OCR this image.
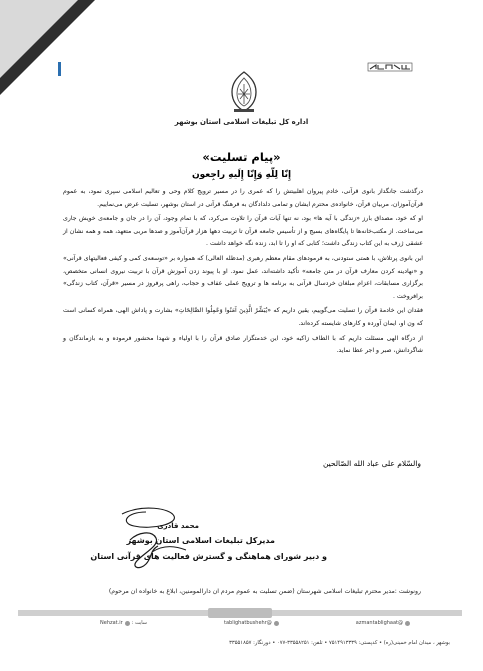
اداره کل تبلیغات اسلامی استان بوشهر
«پیام تسلیت»
إِنّا لِلّهِ وَإِنّا إِلَیهِ راجِعون

درگذشت جانگداز بانوی قرآنی، خادم پیروان اهلبیتش را که عمری را در مسیر ترویج کلام وحی و تعالیم اسلامی سپری نمود، به عموم قرآن‌آموزان، مربیان قرآن، خانواده‌ی محترم ایشان و تمامی دلدادگان به فرهنگ قرآنی در استان بوشهر، تسلیت عرض می‌نماییم.

او که خود، مصداق بارز «زندگی با آیه ها» بود، نه تنها آیات قرآن را تلاوت می‌کرد، که با تمام وجود، آن را در جان و جامعه‌ی خویش جاری می‌ساخت. از مکتب‌خانه‌ها تا پایگاه‌های بسیج و از تأسیس جامعه قرآن تا تربیت دهها هزار قرآن‌آموز و صدها مربی متعهد، همه و همه نشان از عشقی ژرف به این کتاب زندگی داشت؛ کتابی که او را تا ابد، زنده نگه خواهد داشت .

این بانوی پرتلاش، با همتی ستودنی، به فرمودهای مقام معظم رهبری (مدظله العالی) که همواره بر «توسعه‌ی کمی و کیفی فعالیتهای قرآنی» و «نهادینه کردن معارف قرآن در متن جامعه» تأکید داشته‌اند، عمل نمود. او با پیوند زدن آموزش قرآن با تربیت نیروی انسانی متخصص، برگزاری مسابقات، اعزام مبلغان خردسال قرآنی به برنامه ها و ترویج عملی عفاف و حجاب، راهی پرفروز در مسیر «قرآن، کتاب زندگی» برافروخت .

فقدان این خادمهٔ قرآن را تسلیت می‌گوییم، یقین داریم که «یُبَشِّرُ الَّذِینَ آمَنُوا وَعَمِلُوا الصَّالِحَاتِ» بشارت و پاداش الهی، همراه کسانی است که ون او، ایمان آورده و کارهای شایسته کرده‌اند.

از درگاه الهی مسئلت داریم که با الطاف زاکیه خود، این خدمتگزار صادق قرآن را با اولیاء و شهدا محشور فرموده و به بازماندگان و شاگردانش، صبر و اجر عطا نماید.

والسّلام علی عباد الله الصّالحین
محمد قادری
مدیرکل تبلیغات اسلامی استان بوشهر
و دبیر شورای هماهنگی و گسترش فعالیت های قرآنی استان
رونوشت :مدیر محترم تبلیغات اسلامی شهرستان (ضمن تسلیت به عموم مردم آن دارالمومنین، ابلاغ به خانواده آن مرحوم)
@azmantablighaat
@tablighatbushehr
سایت :
Nehzat.ir
بوشهر ، میدان امام خمینی(ره) • کدپستی: ۷۵۱۴۹۱۳۳۳۹ • تلفن: ۳۳۵۵۸۲۵۱-۰۷۷ • دورنگار: ۳۳۵۵۱۸۵۷
